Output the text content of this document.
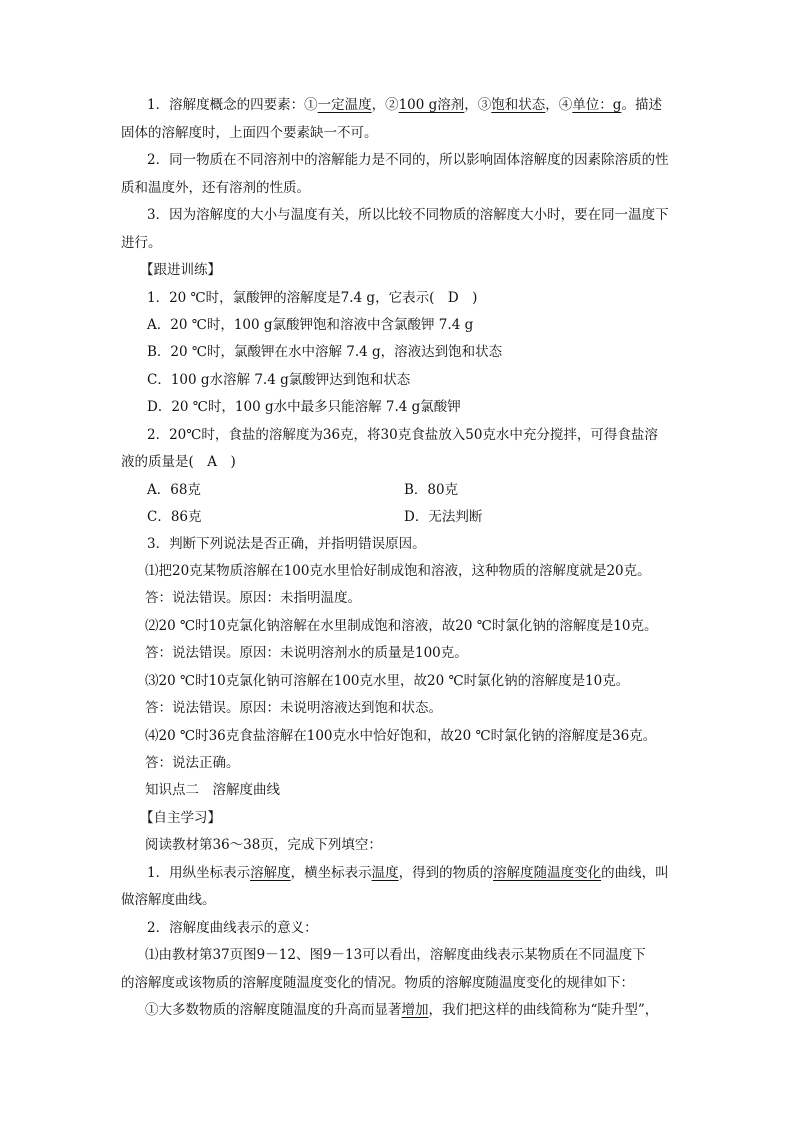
1．溶解度概念的四要素：①一定温度，②100 g溶剂，③饱和状态，④单位：g。描述
固体的溶解度时，上面四个要素缺一不可。
2．同一物质在不同溶剂中的溶解能力是不同的，所以影响固体溶解度的因素除溶质的性
质和温度外，还有溶剂的性质。
3．因为溶解度的大小与温度有关，所以比较不同物质的溶解度大小时，要在同一温度下
进行。
【跟进训练】
1．20 ℃时，氯酸钾的溶解度是7.4 g，它表示(　D　)
A．20 ℃时，100 g氯酸钾饱和溶液中含氯酸钾 7.4 g
B．20 ℃时，氯酸钾在水中溶解 7.4 g，溶液达到饱和状态
C．100 g水溶解 7.4 g氯酸钾达到饱和状态
D．20 ℃时，100 g水中最多只能溶解 7.4 g氯酸钾
2．20℃时，食盐的溶解度为36克，将30克食盐放入50克水中充分搅拌，可得食盐溶
液的质量是(　A　)
A．68克	B．80克
C．86克	D．无法判断
3．判断下列说法是否正确，并指明错误原因。
⑴把20克某物质溶解在100克水里恰好制成饱和溶液，这种物质的溶解度就是20克。
答：说法错误。原因：未指明温度。
⑵20 ℃时10克氯化钠溶解在水里制成饱和溶液，故20 ℃时氯化钠的溶解度是10克。
答：说法错误。原因：未说明溶剂水的质量是100克。
⑶20 ℃时10克氯化钠可溶解在100克水里，故20 ℃时氯化钠的溶解度是10克。
答：说法错误。原因：未说明溶液达到饱和状态。
⑷20 ℃时36克食盐溶解在100克水中恰好饱和，故20 ℃时氯化钠的溶解度是36克。
答：说法正确。
知识点二　溶解度曲线
【自主学习】
阅读教材第36～38页，完成下列填空：
1．用纵坐标表示溶解度，横坐标表示温度，得到的物质的溶解度随温度变化的曲线，叫
做溶解度曲线。
2．溶解度曲线表示的意义：
⑴由教材第37页图9－12、图9－13可以看出，溶解度曲线表示某物质在不同温度下
的溶解度或该物质的溶解度随温度变化的情况。物质的溶解度随温度变化的规律如下：
①大多数物质的溶解度随温度的升高而显著增加，我们把这样的曲线简称为“陡升型”，
